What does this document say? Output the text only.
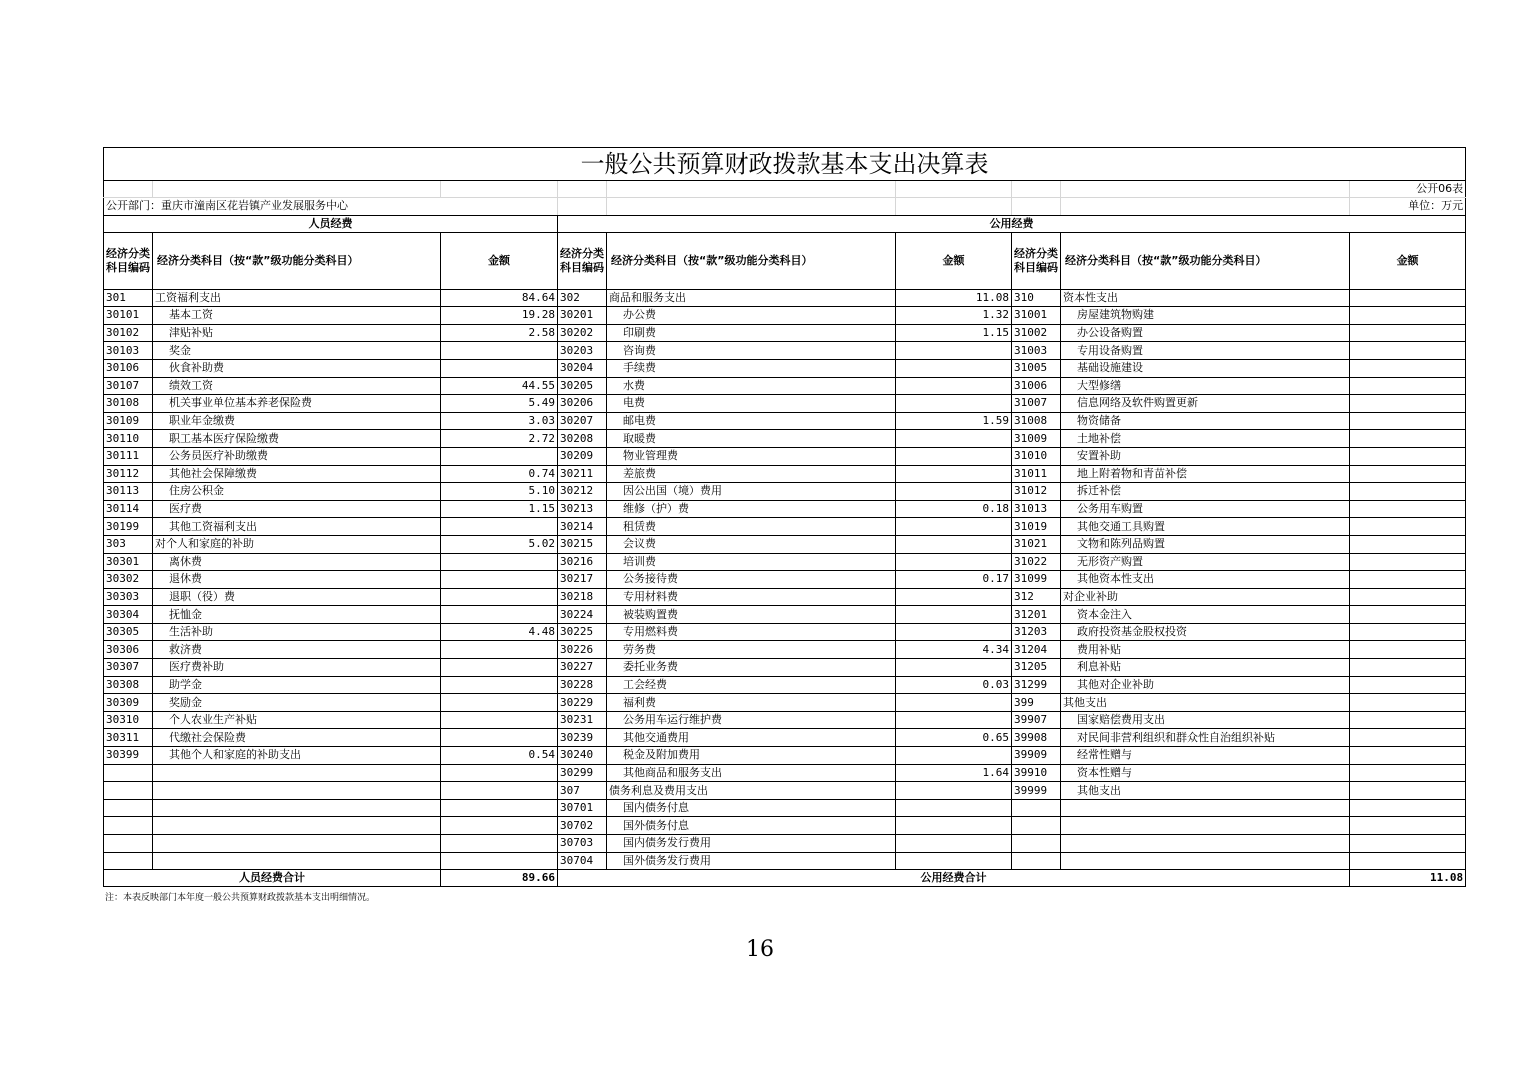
一般公共预算财政拨款基本支出决算表								
								公开06表
公开部门：重庆市潼南区花岩镇产业发展服务中心								单位：万元
人员经费			公用经费					
经济分类科目编码	经济分类科目（按“款”级功能分类科目）	金额	经济分类科目编码	经济分类科目（按“款”级功能分类科目）	金额	经济分类科目编码	经济分类科目（按“款”级功能分类科目）	金额
301	工资福利支出	84.64	302	商品和服务支出	11.08	310	资本性支出	
30101	基本工资	19.28	30201	办公费	1.32	31001	房屋建筑物购建	
30102	津贴补贴	2.58	30202	印刷费	1.15	31002	办公设备购置	
30103	奖金		30203	咨询费		31003	专用设备购置	
30106	伙食补助费		30204	手续费		31005	基础设施建设	
30107	绩效工资	44.55	30205	水费		31006	大型修缮	
30108	机关事业单位基本养老保险费	5.49	30206	电费		31007	信息网络及软件购置更新	
30109	职业年金缴费	3.03	30207	邮电费	1.59	31008	物资储备	
30110	职工基本医疗保险缴费	2.72	30208	取暖费		31009	土地补偿	
30111	公务员医疗补助缴费		30209	物业管理费		31010	安置补助	
30112	其他社会保障缴费	0.74	30211	差旅费		31011	地上附着物和青苗补偿	
30113	住房公积金	5.10	30212	因公出国（境）费用		31012	拆迁补偿	
30114	医疗费	1.15	30213	维修（护）费	0.18	31013	公务用车购置	
30199	其他工资福利支出		30214	租赁费		31019	其他交通工具购置	
303	对个人和家庭的补助	5.02	30215	会议费		31021	文物和陈列品购置	
30301	离休费		30216	培训费		31022	无形资产购置	
30302	退休费		30217	公务接待费	0.17	31099	其他资本性支出	
30303	退职（役）费		30218	专用材料费		312	对企业补助	
30304	抚恤金		30224	被装购置费		31201	资本金注入	
30305	生活补助	4.48	30225	专用燃料费		31203	政府投资基金股权投资	
30306	救济费		30226	劳务费	4.34	31204	费用补贴	
30307	医疗费补助		30227	委托业务费		31205	利息补贴	
30308	助学金		30228	工会经费	0.03	31299	其他对企业补助	
30309	奖励金		30229	福利费		399	其他支出	
30310	个人农业生产补贴		30231	公务用车运行维护费		39907	国家赔偿费用支出	
30311	代缴社会保险费		30239	其他交通费用	0.65	39908	对民间非营利组织和群众性自治组织补贴	
30399	其他个人和家庭的补助支出	0.54	30240	税金及附加费用		39909	经常性赠与	
			30299	其他商品和服务支出	1.64	39910	资本性赠与	
			307	债务利息及费用支出		39999	其他支出	
			30701	国内债务付息				
			30702	国外债务付息				
			30703	国内债务发行费用				
			30704	国外债务发行费用				
人员经费合计		89.66	公用经费合计					11.08
注：本表反映部门本年度一般公共预算财政拨款基本支出明细情况。
16
